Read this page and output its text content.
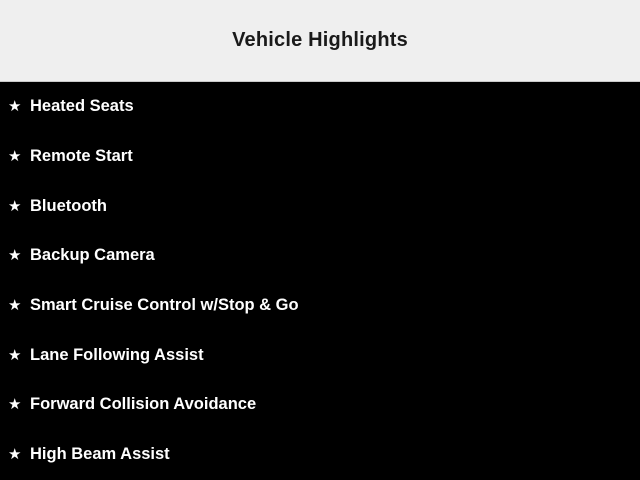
Vehicle Highlights
★ Heated Seats
★ Remote Start
★ Bluetooth
★ Backup Camera
★ Smart Cruise Control w/Stop & Go
★ Lane Following Assist
★ Forward Collision Avoidance
★ High Beam Assist
